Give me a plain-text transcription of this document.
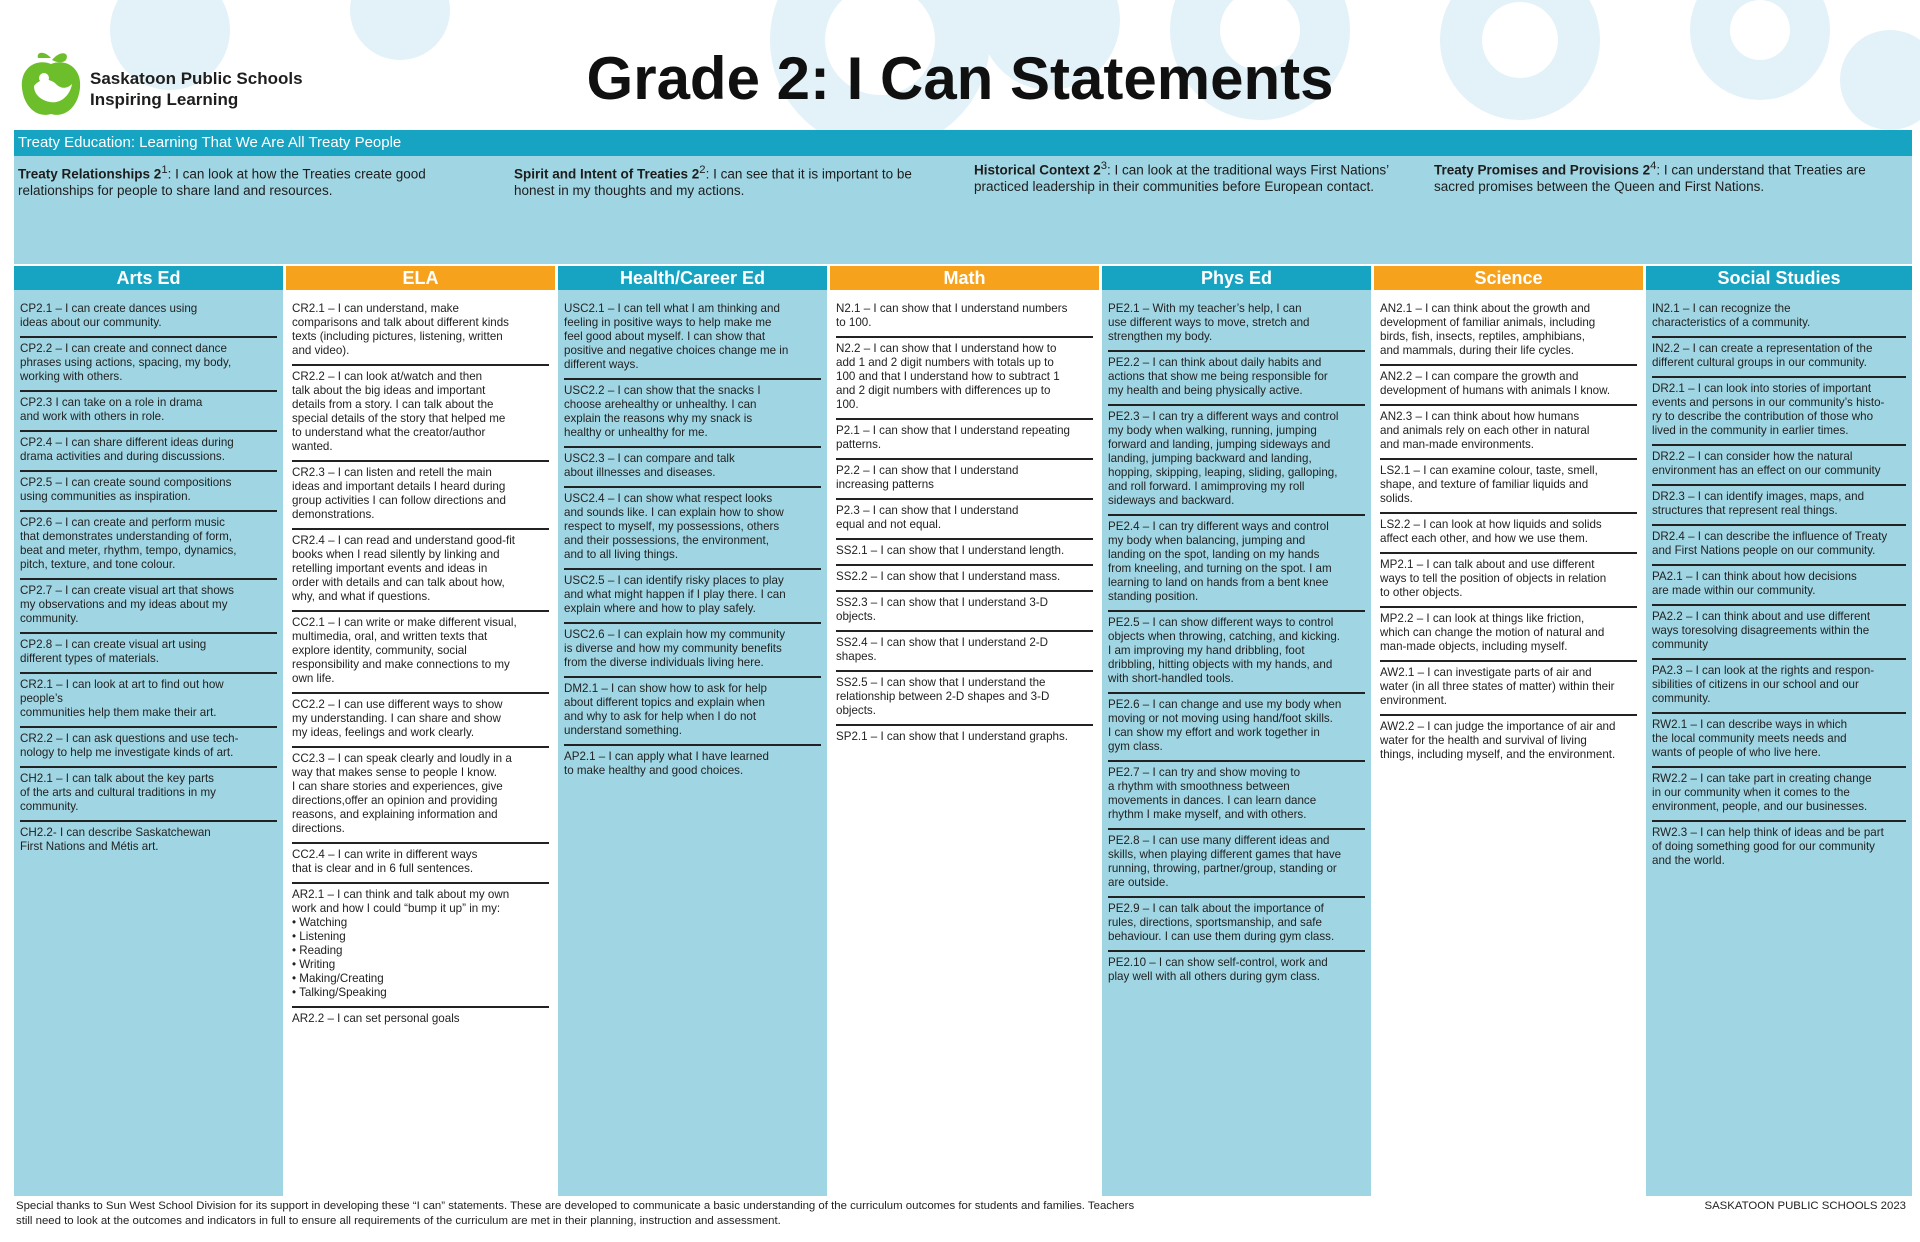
Saskatoon Public Schools
Inspiring Learning	Grade 2: I Can Statements
Treaty Education: Learning That We Are All Treaty People
Treaty Relationships $2^1$: I can look at how the Treaties create good relationships for people to share land and resources.
Spirit and Intent of Treaties $2^2$: I can see that it is important to be honest in my thoughts and my actions.
Historical Context $2^3$: I can look at the traditional ways First Nations’ practiced leadership in their communities before European contact.
Treaty Promises and Provisions $2^4$: I can understand that Treaties are sacred promises between the Queen and First Nations.
Arts Ed
CP2.1 – I can create dances using
ideas about our community.
CP2.2 – I can create and connect dance
phrases using actions, spacing, my body,
working with others.
CP2.3 I can take on a role in drama
and work with others in role.
CP2.4 – I can share different ideas during
drama activities and during discussions.
CP2.5 – I can create sound compositions
using communities as inspiration.
CP2.6 – I can create and perform music
that demonstrates understanding of form,
beat and meter, rhythm, tempo, dynamics,
pitch, texture, and tone colour.
CP2.7 – I can create visual art that shows
my observations and my ideas about my
community.
CP2.8 – I can create visual art using
different types of materials.
CR2.1 – I can look at art to find out how
people’s
communities help them make their art.
CR2.2 – I can ask questions and use tech-
nology to help me investigate kinds of art.
CH2.1 – I can talk about the key parts
of the arts and cultural traditions in my
community.
CH2.2- I can describe Saskatchewan
First Nations and Métis art.
ELA
CR2.1 – I can understand, make
comparisons and talk about different kinds
texts (including pictures, listening, written
and video).
CR2.2 – I can look at/watch and then
talk about the big ideas and important
details from a story. I can talk about the
special details of the story that helped me
to understand what the creator/author
wanted.
CR2.3 – I can listen and retell the main
ideas and important details I heard during
group activities I can follow directions and
demonstrations.
CR2.4 – I can read and understand good-fit
books when I read silently by linking and
retelling important events and ideas in
order with details and can talk about how,
why, and what if questions.
CC2.1 – I can write or make different visual,
multimedia, oral, and written texts that
explore identity, community, social
responsibility and make connections to my
own life.
CC2.2 – I can use different ways to show
my understanding. I can share and show
my ideas, feelings and work clearly.
CC2.3 – I can speak clearly and loudly in a
way that makes sense to people I know.
I can share stories and experiences, give
directions,offer an opinion and providing
reasons, and explaining information and
directions.
CC2.4 – I can write in different ways
that is clear and in 6 full sentences.
AR2.1 – I can think and talk about my own
work and how I could “bump it up” in my:
• Watching
• Listening
• Reading
• Writing
• Making/Creating
• Talking/Speaking
AR2.2 – I can set personal goals
Health/Career Ed
USC2.1 – I can tell what I am thinking and
feeling in positive ways to help make me
feel good about myself. I can show that
positive and negative choices change me in
different ways.
USC2.2 – I can show that the snacks I
choose arehealthy or unhealthy. I can
explain the reasons why my snack is
healthy or unhealthy for me.
USC2.3 – I can compare and talk
about illnesses and diseases.
USC2.4 – I can show what respect looks
and sounds like. I can explain how to show
respect to myself, my possessions, others
and their possessions, the environment,
and to all living things.
USC2.5 – I can identify risky places to play
and what might happen if I play there. I can
explain where and how to play safely.
USC2.6 – I can explain how my community
is diverse and how my community benefits
from the diverse individuals living here.
DM2.1 – I can show how to ask for help
about different topics and explain when
and why to ask for help when I do not
understand something.
AP2.1 – I can apply what I have learned
to make healthy and good choices.
Math
N2.1 – I can show that I understand numbers
to 100.
N2.2 – I can show that I understand how to
add 1 and 2 digit numbers with totals up to
100 and that I understand how to subtract 1
and 2 digit numbers with differences up to
100.
P2.1 – I can show that I understand repeating
patterns.
P2.2 – I can show that I understand
increasing patterns
P2.3 – I can show that I understand
equal and not equal.
SS2.1 – I can show that I understand length.
SS2.2 – I can show that I understand mass.
SS2.3 – I can show that I understand 3-D
objects.
SS2.4 – I can show that I understand 2-D
shapes.
SS2.5 – I can show that I understand the
relationship between 2-D shapes and 3-D
objects.
SP2.1 – I can show that I understand graphs.
Phys Ed
PE2.1 – With my teacher’s help, I can
use different ways to move, stretch and
strengthen my body.
PE2.2 – I can think about daily habits and
actions that show me being responsible for
my health and being physically active.
PE2.3 – I can try a different ways and control
my body when walking, running, jumping
forward and landing, jumping sideways and
landing, jumping backward and landing,
hopping, skipping, leaping, sliding, galloping,
and roll forward. I amimproving my roll
sideways and backward.
PE2.4 – I can try different ways and control
my body when balancing, jumping and
landing on the spot, landing on my hands
from kneeling, and turning on the spot. I am
learning to land on hands from a bent knee
standing position.
PE2.5 – I can show different ways to control
objects when throwing, catching, and kicking.
I am improving my hand dribbling, foot
dribbling, hitting objects with my hands, and
with short-handled tools.
PE2.6 – I can change and use my body when
moving or not moving using hand/foot skills.
I can show my effort and work together in
gym class.
PE2.7 – I can try and show moving to
a rhythm with smoothness between
movements in dances. I can learn dance
rhythm I make myself, and with others.
PE2.8 – I can use many different ideas and
skills, when playing different games that have
running, throwing, partner/group, standing or
are outside.
PE2.9 – I can talk about the importance of
rules, directions, sportsmanship, and safe
behaviour. I can use them during gym class.
PE2.10 – I can show self-control, work and
play well with all others during gym class.
Science
AN2.1 – I can think about the growth and
development of familiar animals, including
birds, fish, insects, reptiles, amphibians,
and mammals, during their life cycles.
AN2.2 – I can compare the growth and
development of humans with animals I know.
AN2.3 – I can think about how humans
and animals rely on each other in natural
and man-made environments.
LS2.1 – I can examine colour, taste, smell,
shape, and texture of familiar liquids and
solids.
LS2.2 – I can look at how liquids and solids
affect each other, and how we use them.
MP2.1 – I can talk about and use different
ways to tell the position of objects in relation
to other objects.
MP2.2 – I can look at things like friction,
which can change the motion of natural and
man-made objects, including myself.
AW2.1 – I can investigate parts of air and
water (in all three states of matter) within their
environment.
AW2.2 – I can judge the importance of air and
water for the health and survival of living
things, including myself, and the environment.
Social Studies
IN2.1 – I can recognize the
characteristics of a community.
IN2.2 – I can create a representation of the
different cultural groups in our community.
DR2.1 – I can look into stories of important
events and persons in our community’s histo-
ry to describe the contribution of those who
lived in the community in earlier times.
DR2.2 – I can consider how the natural
environment has an effect on our community
DR2.3 – I can identify images, maps, and
structures that represent real things.
DR2.4 – I can describe the influence of Treaty
and First Nations people on our community.
PA2.1 – I can think about how decisions
are made within our community.
PA2.2 – I can think about and use different
ways toresolving disagreements within the
community
PA2.3 – I can look at the rights and respon-
sibilities of citizens in our school and our
community.
RW2.1 – I can describe ways in which
the local community meets needs and
wants of people of who live here.
RW2.2 – I can take part in creating change
in our community when it comes to the
environment, people, and our businesses.
RW2.3 – I can help think of ideas and be part
of doing something good for our community
and the world.
Special thanks to Sun West School Division for its support in developing these “I can” statements. These are developed to communicate a basic understanding of the curriculum outcomes for students and families. Teachers still need to look at the outcomes and indicators in full to ensure all requirements of the curriculum are met in their planning, instruction and assessment.
SASKATOON PUBLIC SCHOOLS 2023
